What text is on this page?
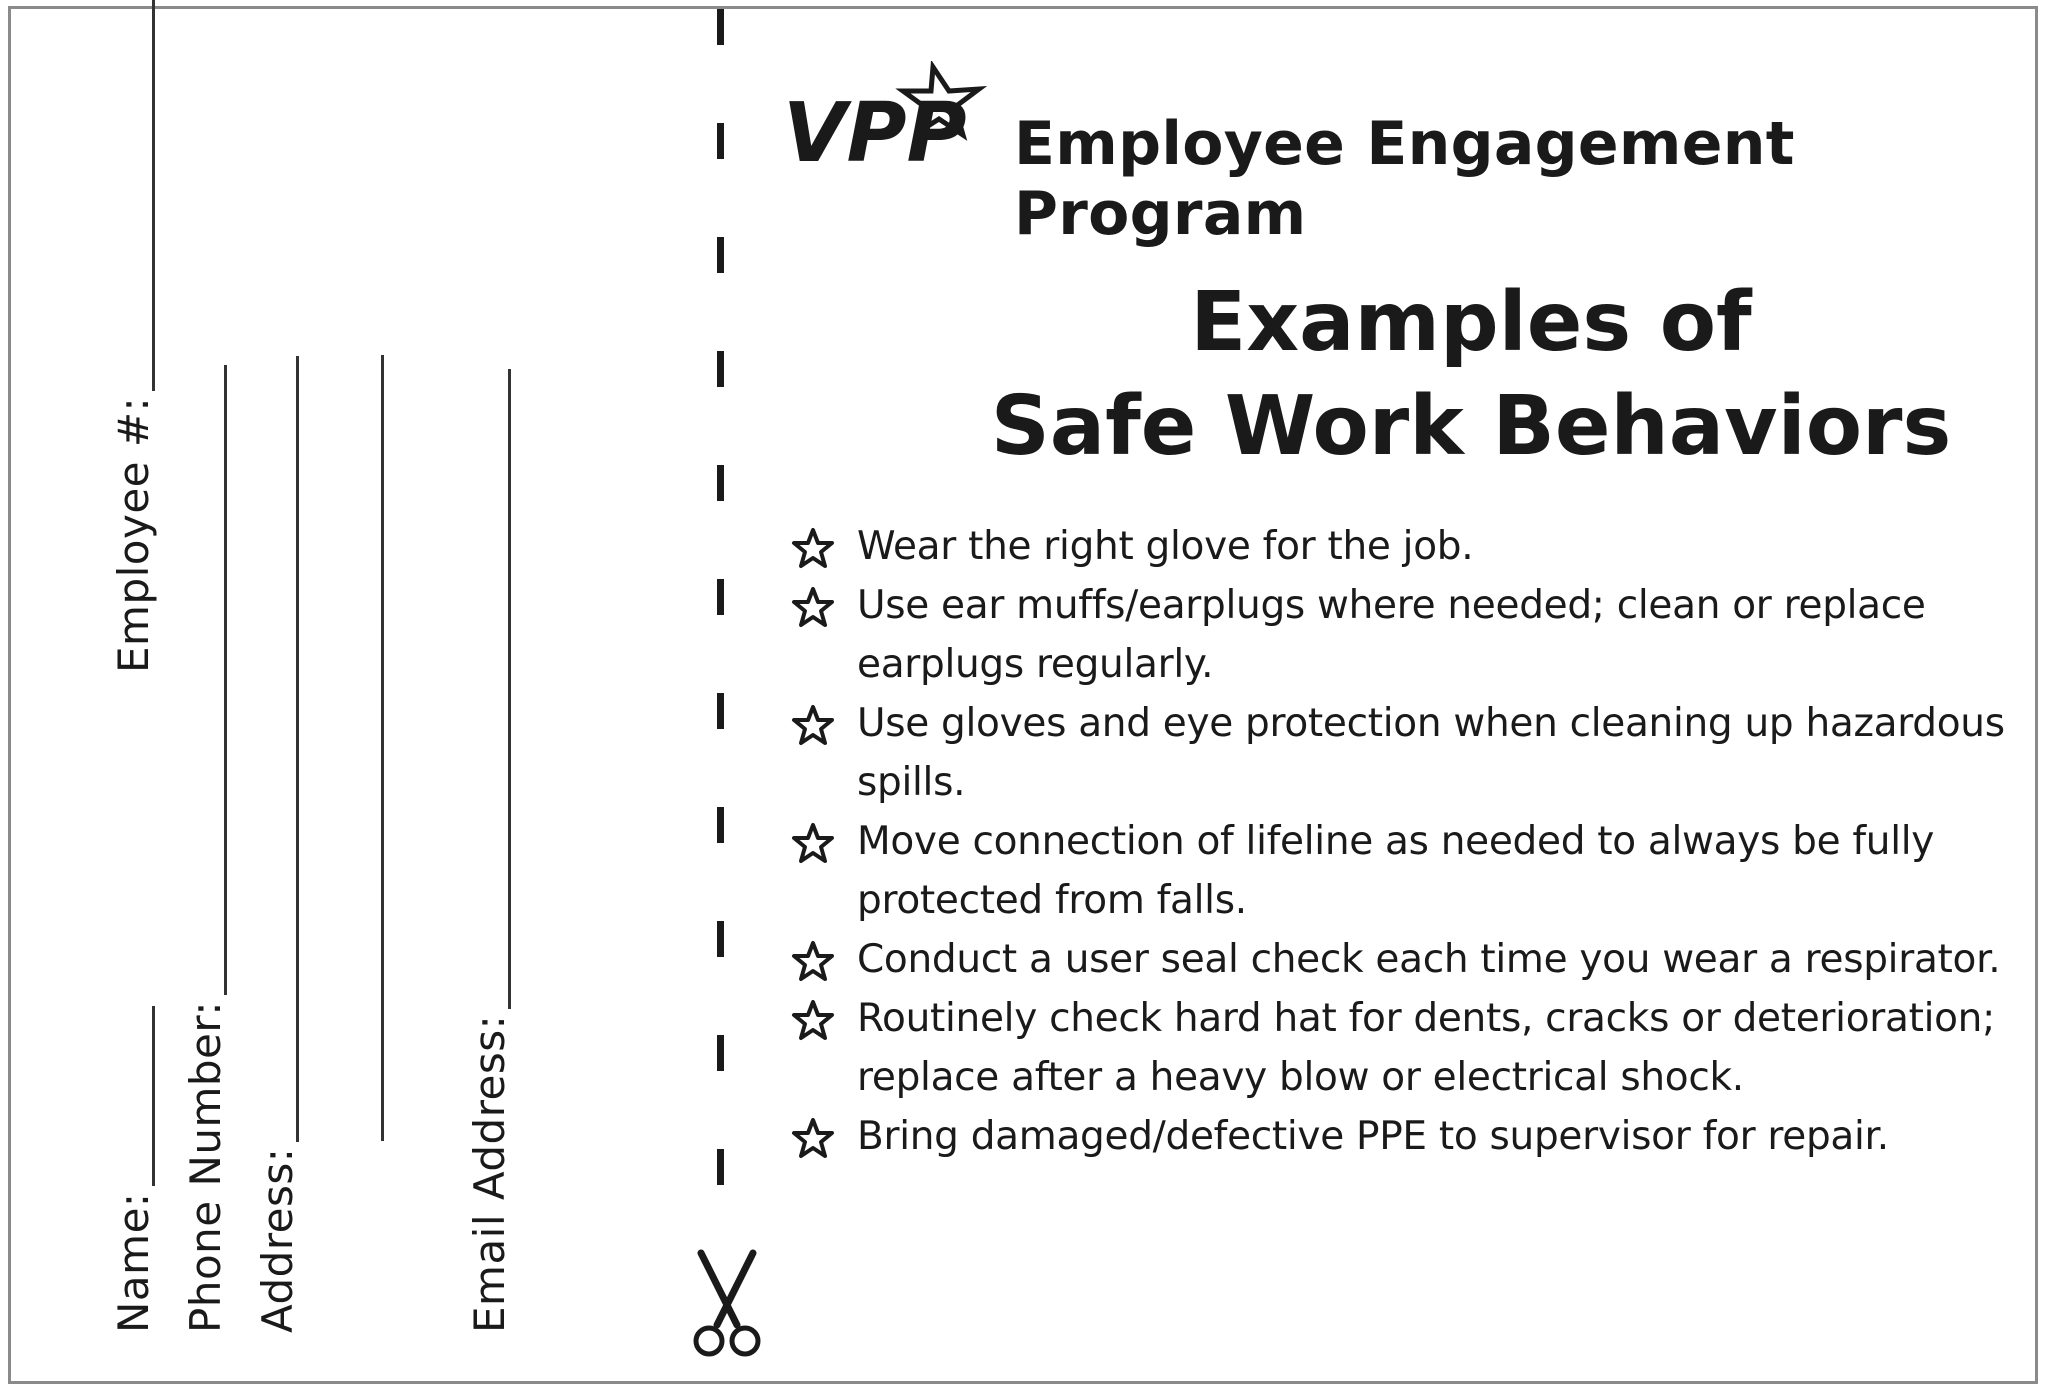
Employee #:
Name: Phone Number: Address:	Email Address:
VPP Employee Engagement Program
Examples of
Safe Work Behaviors
Wear the right glove for the job.
Use ear muffs/earplugs where needed; clean or replace earplugs regularly.
Use gloves and eye protection when cleaning up hazardous spills.
Move connection of lifeline as needed to always be fully protected from falls.
Conduct a user seal check each time you wear a respirator.
Routinely check hard hat for dents, cracks or deterioration; replace after a heavy blow or electrical shock.
Bring damaged/defective PPE to supervisor for repair.
